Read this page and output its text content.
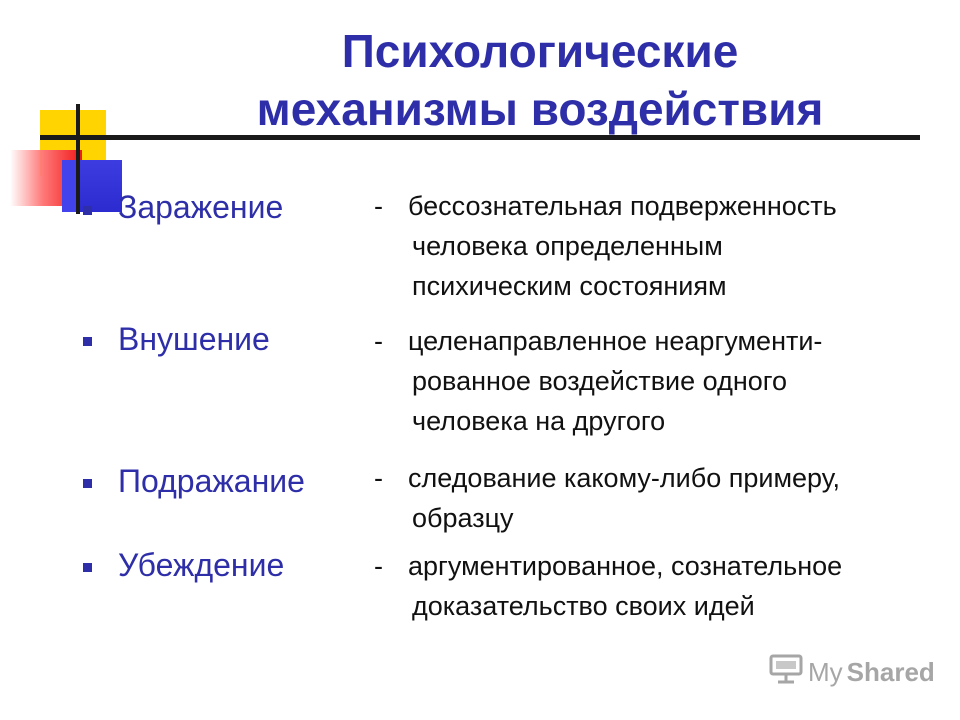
Психологические
механизмы воздействия
Заражение	- бессознательная подверженность
человека определенным
психическим состояниям
Внушение	- целенаправленное неаргументи-
рованное воздействие одного
человека на другого
Подражание	- следование какому-либо примеру,
образцу
Убеждение	- аргументированное, сознательное
доказательство своих идей
My Shared
